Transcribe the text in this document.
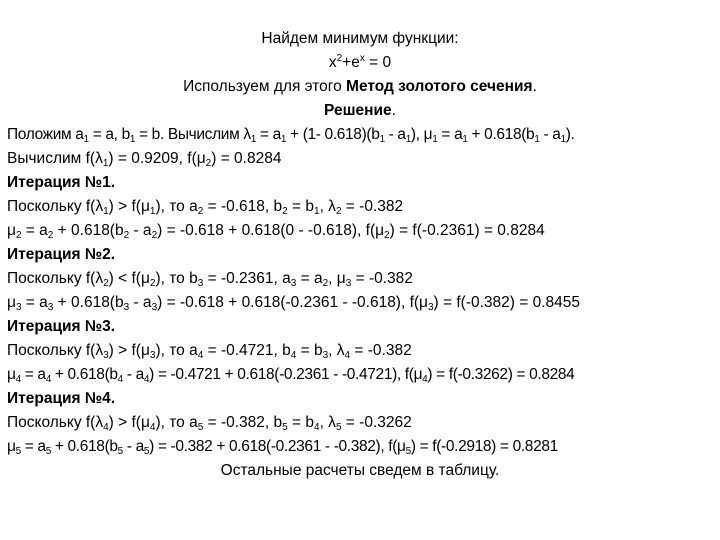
Найдем минимум функции:
$x^2+e^x = 0$
Используем для этого Метод золотого сечения.
Решение.
Положим $a_1 = a$, $b_1 = b$. Вычислим $\lambda_1 = a_1 + (1-$ $0.618)(b_1 - a_1)$, $\mu_1 = a_1 + 0.618(b_1 - a_1)$.
Вычислим $f(\lambda_1) = 0.9209$, $f(\mu_2) = 0.8284$
Итерация №1.
Поскольку $f(\lambda_1) > f(\mu_1)$, то $a_2 = -0.618$, $b_2 = b_1$, $\lambda_2 = -0.382$
$\mu_2 = a_2 + 0.618(b_2 - a_2) = -0.618 + 0.618(0 - -0.618)$, $f(\mu_2) = f(-0.2361) = 0.8284$
Итерация №2.
Поскольку $f(\lambda_2) < f(\mu_2)$, то $b_3 = -0.2361$, $a_3 = a_2$, $\mu_3 = -0.382$
$\mu_3 = a_3 + 0.618(b_3 - a_3) = -0.618 + 0.618(-0.2361 - -0.618)$, $f(\mu_3) = f(-0.382) = 0.8455$
Итерация №3.
Поскольку $f(\lambda_3) > f(\mu_3)$, то $a_4 = -0.4721$, $b_4 = b_3$, $\lambda_4 = -0.382$
$\mu_4 = a_4 + 0.618(b_4 - a_4) = -0.4721 + 0.618(-0.2361 - -0.4721)$, $f(\mu_4) = f(-0.3262) = 0.8284$
Итерация №4.
Поскольку $f(\lambda_4) > f(\mu_4)$, то $a_5 = -0.382$, $b_5 = b_4$, $\lambda_5 = -0.3262$
$\mu_5 = a_5 + 0.618(b_5 - a_5) = -0.382 + 0.618(-0.2361 - -0.382)$, $f(\mu_5) = f(-0.2918) = 0.8281$
Остальные расчеты сведем в таблицу.
